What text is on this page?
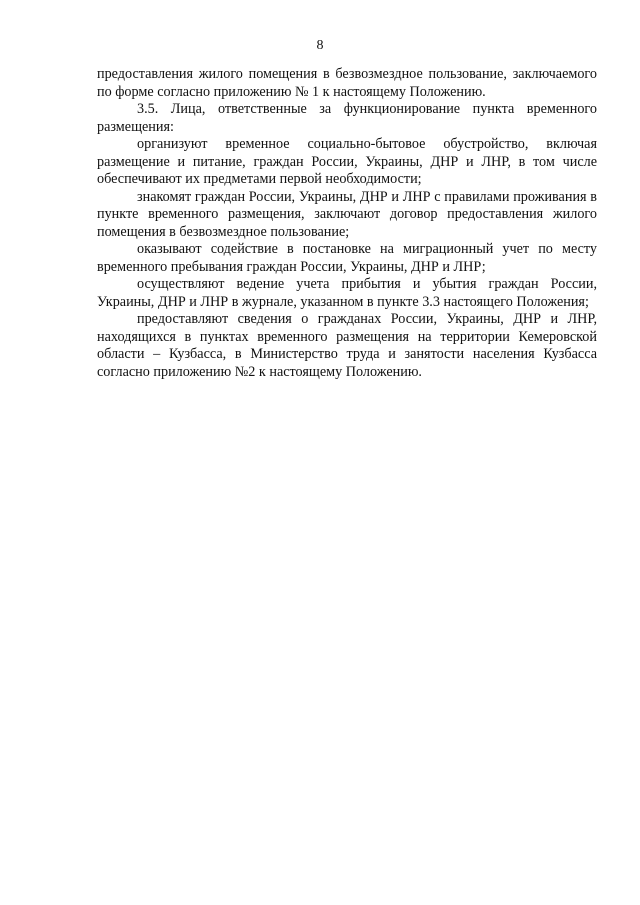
8

предоставления жилого помещения в безвозмездное пользование, заключаемого по форме согласно приложению № 1 к настоящему Положению.

3.5. Лица, ответственные за функционирование пункта временного размещения:

организуют временное социально-бытовое обустройство, включая размещение и питание, граждан России, Украины, ДНР и ЛНР, в том числе обеспечивают их предметами первой необходимости;

знакомят граждан России, Украины, ДНР и ЛНР с правилами проживания в пункте временного размещения, заключают договор предоставления жилого помещения в безвозмездное пользование;

оказывают содействие в постановке на миграционный учет по месту временного пребывания граждан России, Украины, ДНР и ЛНР;

осуществляют ведение учета прибытия и убытия граждан России, Украины, ДНР и ЛНР в журнале, указанном в пункте 3.3 настоящего Положения;

предоставляют сведения о гражданах России, Украины, ДНР и ЛНР, находящихся в пунктах временного размещения на территории Кемеровской области – Кузбасса, в Министерство труда и занятости населения Кузбасса согласно приложению №2 к настоящему Положению.
